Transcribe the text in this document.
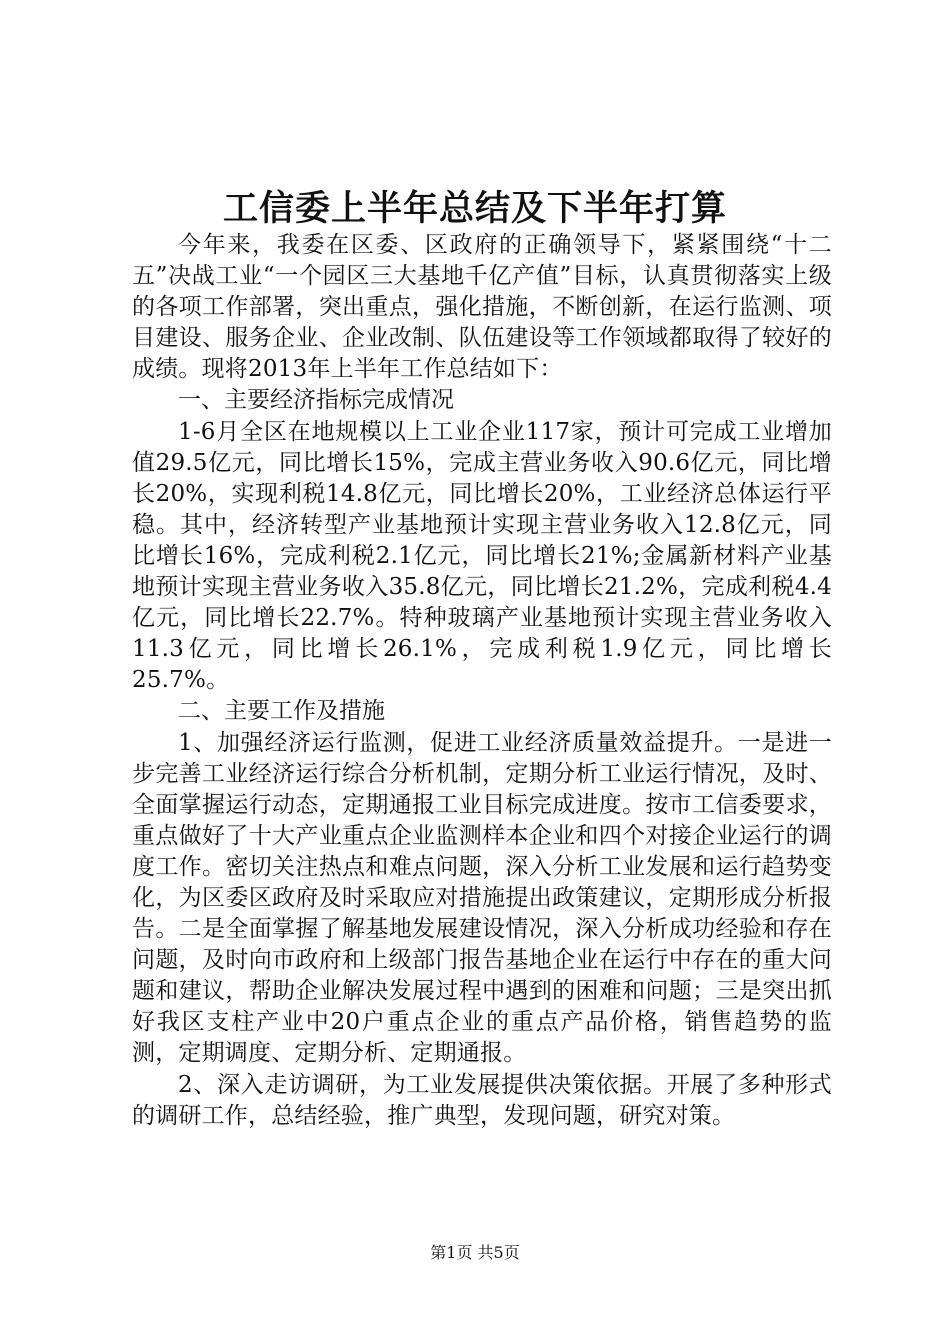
工信委上半年总结及下半年打算

今年来，我委在区委、区政府的正确领导下，紧紧围绕“十二五”决战工业“一个园区三大基地千亿产值”目标，认真贯彻落实上级的各项工作部署，突出重点，强化措施，不断创新，在运行监测、项目建设、服务企业、企业改制、队伍建设等工作领域都取得了较好的成绩。现将2013年上半年工作总结如下：

一、主要经济指标完成情况

1-6月全区在地规模以上工业企业117家，预计可完成工业增加值29.5亿元，同比增长15%，完成主营业务收入90.6亿元，同比增长20%，实现利税14.8亿元，同比增长20%，工业经济总体运行平稳。其中，经济转型产业基地预计实现主营业务收入12.8亿元，同比增长16%，完成利税2.1亿元，同比增长21%;金属新材料产业基地预计实现主营业务收入35.8亿元，同比增长21.2%，完成利税4.4亿元，同比增长22.7%。特种玻璃产业基地预计实现主营业务收入11.3亿元，同比增长26.1%，完成利税1.9亿元，同比增长25.7%。

二、主要工作及措施

1、加强经济运行监测，促进工业经济质量效益提升。一是进一步完善工业经济运行综合分析机制，定期分析工业运行情况，及时、全面掌握运行动态，定期通报工业目标完成进度。按市工信委要求，重点做好了十大产业重点企业监测样本企业和四个对接企业运行的调度工作。密切关注热点和难点问题，深入分析工业发展和运行趋势变化，为区委区政府及时采取应对措施提出政策建议，定期形成分析报告。二是全面掌握了解基地发展建设情况，深入分析成功经验和存在问题，及时向市政府和上级部门报告基地企业在运行中存在的重大问题和建议，帮助企业解决发展过程中遇到的困难和问题；三是突出抓好我区支柱产业中20户重点企业的重点产品价格，销售趋势的监测，定期调度、定期分析、定期通报。

2、深入走访调研，为工业发展提供决策依据。开展了多种形式的调研工作，总结经验，推广典型，发现问题，研究对策。

第1页 共5页
